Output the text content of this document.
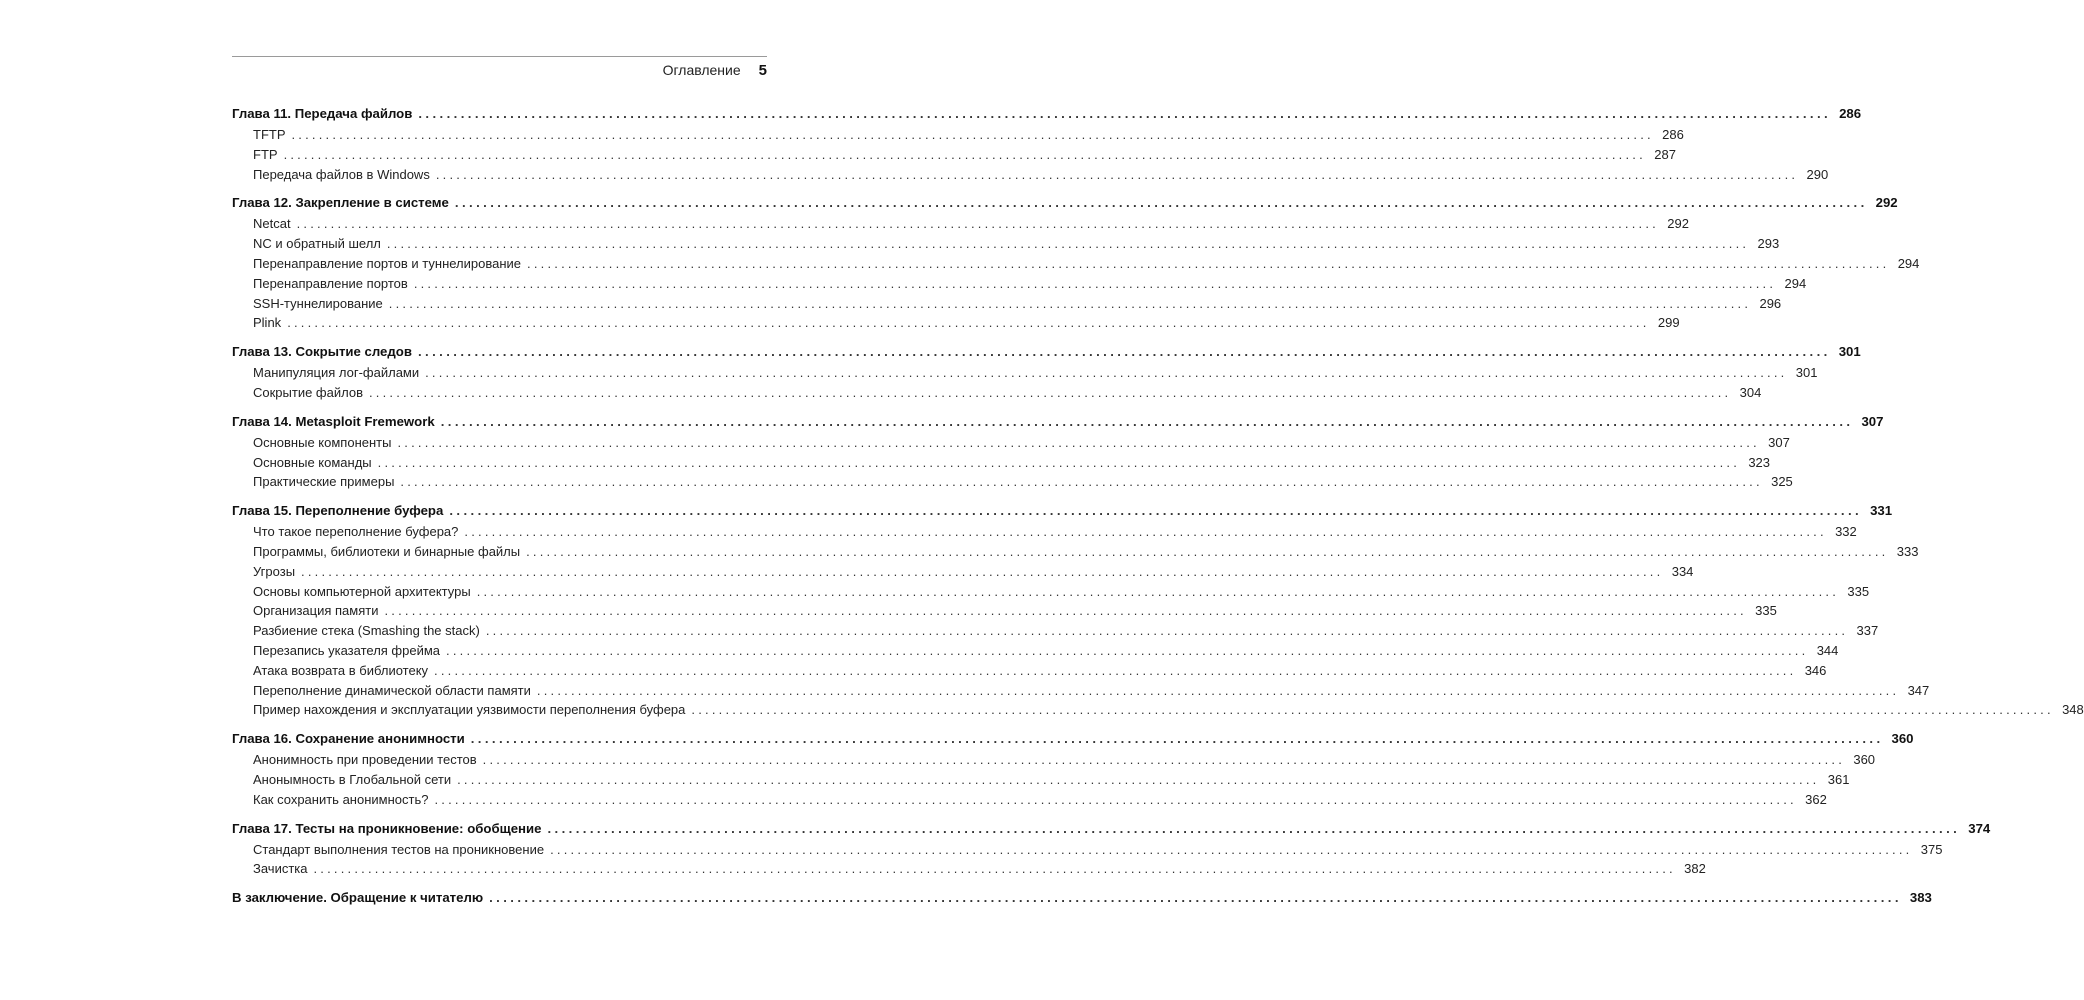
Оглавление 5
Глава 11. Передача файлов ........................................................................................................................................................................................................ 286
TFTP ........................................................................................................................................................................................................ 286
FTP ........................................................................................................................................................................................................ 287
Передача файлов в Windows ........................................................................................................................................................................................................ 290
Глава 12. Закрепление в системе ........................................................................................................................................................................................................ 292
Netcat ........................................................................................................................................................................................................ 292
NC и обратный шелл ........................................................................................................................................................................................................ 293
Перенаправление портов и туннелирование ........................................................................................................................................................................................................ 294
Перенаправление портов ........................................................................................................................................................................................................ 294
SSH-туннелирование ........................................................................................................................................................................................................ 296
Plink ........................................................................................................................................................................................................ 299
Глава 13. Сокрытие следов ........................................................................................................................................................................................................ 301
Манипуляция лог-файлами ........................................................................................................................................................................................................ 301
Сокрытие файлов ........................................................................................................................................................................................................ 304
Глава 14. Metasploit Fremework ........................................................................................................................................................................................................ 307
Основные компоненты ........................................................................................................................................................................................................ 307
Основные команды ........................................................................................................................................................................................................ 323
Практические примеры ........................................................................................................................................................................................................ 325
Глава 15. Переполнение буфера ........................................................................................................................................................................................................ 331
Что такое переполнение буфера? ........................................................................................................................................................................................................ 332
Программы, библиотеки и бинарные файлы ........................................................................................................................................................................................................ 333
Угрозы ........................................................................................................................................................................................................ 334
Основы компьютерной архитектуры ........................................................................................................................................................................................................ 335
Организация памяти ........................................................................................................................................................................................................ 335
Разбиение стека (Smashing the stack) ........................................................................................................................................................................................................ 337
Перезапись указателя фрейма ........................................................................................................................................................................................................ 344
Атака возврата в библиотеку ........................................................................................................................................................................................................ 346
Переполнение динамической области памяти ........................................................................................................................................................................................................ 347
Пример нахождения и эксплуатации уязвимости переполнения буфера ........................................................................................................................................................................................................ 348
Глава 16. Сохранение анонимности ........................................................................................................................................................................................................ 360
Анонимность при проведении тестов ........................................................................................................................................................................................................ 360
Анонымность в Глобальной сети ........................................................................................................................................................................................................ 361
Как сохранить анонимность? ........................................................................................................................................................................................................ 362
Глава 17. Тесты на проникновение: обобщение ........................................................................................................................................................................................................ 374
Стандарт выполнения тестов на проникновение ........................................................................................................................................................................................................ 375
Зачистка ........................................................................................................................................................................................................ 382
В заключение. Обращение к читателю ........................................................................................................................................................................................................ 383
